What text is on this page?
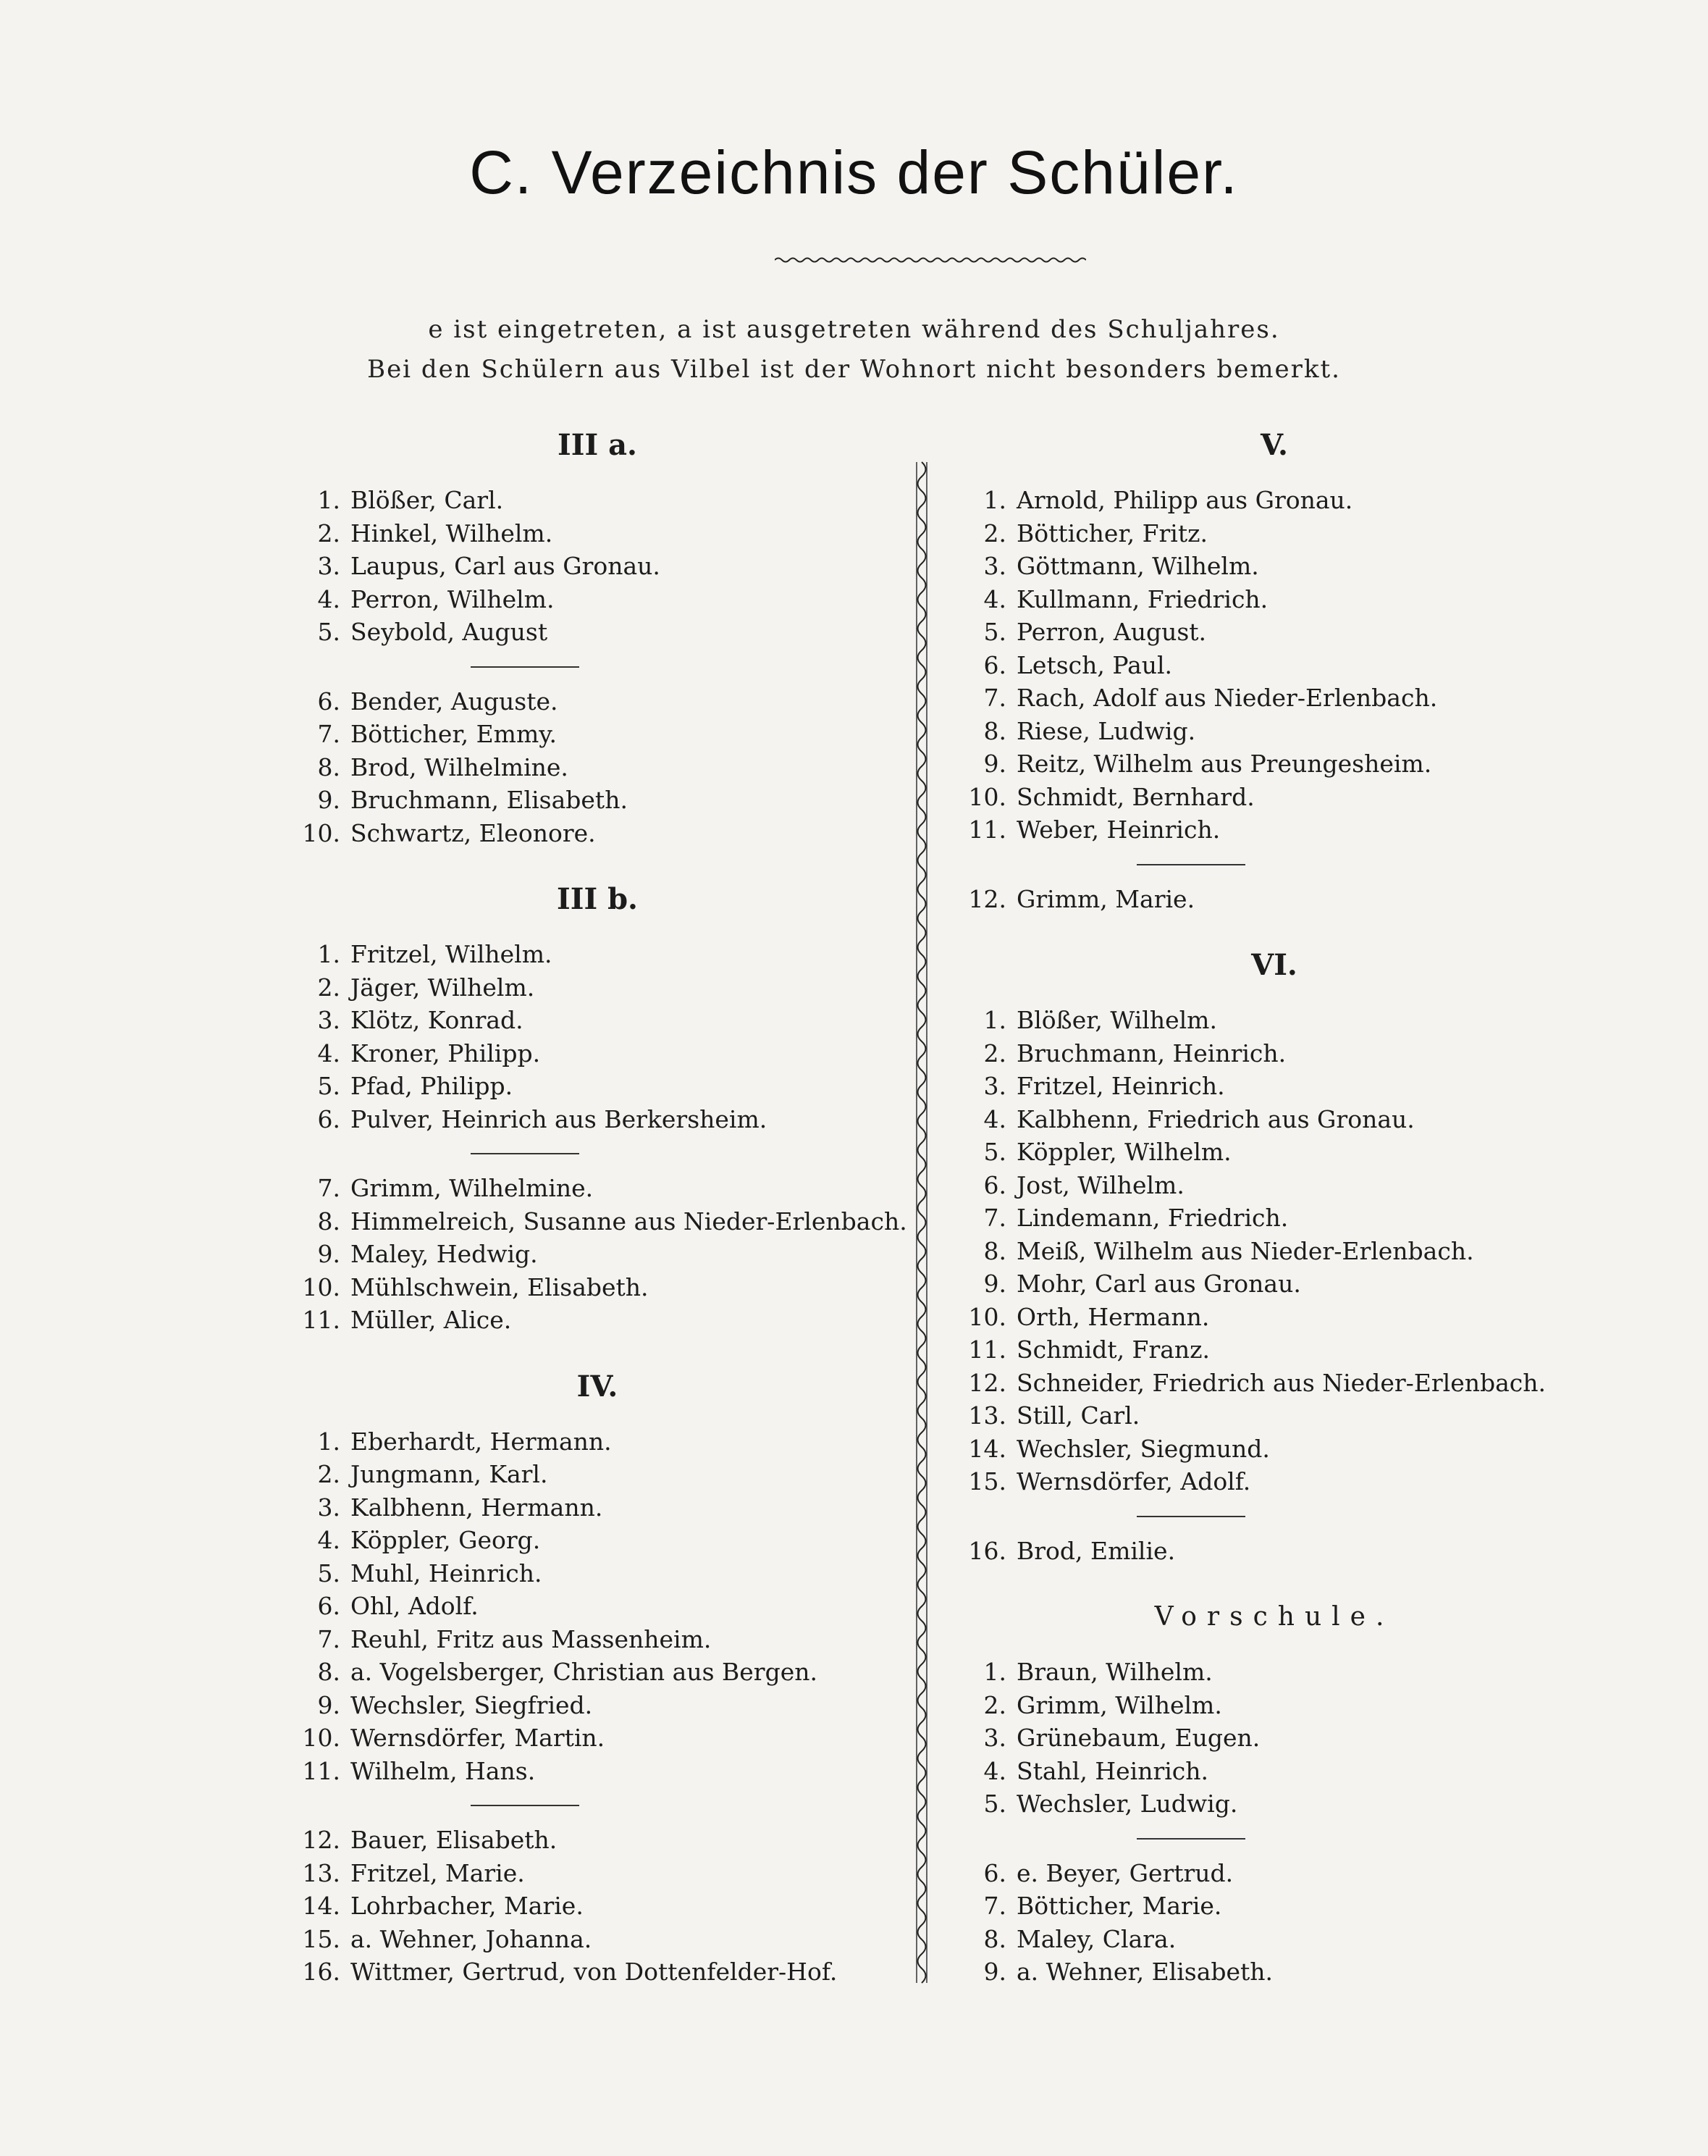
C. Verzeichnis der Schüler.
e ist eingetreten, a ist ausgetreten während des Schuljahres.
Bei den Schülern aus Vilbel ist der Wohnort nicht besonders bemerkt.
III a.
1. Blößer, Carl.
2. Hinkel, Wilhelm.
3. Laupus, Carl aus Gronau.
4. Perron, Wilhelm.
5. Seybold, August
6. Bender, Auguste.
7. Bötticher, Emmy.
8. Brod, Wilhelmine.
9. Bruchmann, Elisabeth.
10. Schwartz, Eleonore.
III b.
1. Fritzel, Wilhelm.
2. Jäger, Wilhelm.
3. Klötz, Konrad.
4. Kroner, Philipp.
5. Pfad, Philipp.
6. Pulver, Heinrich aus Berkersheim.
7. Grimm, Wilhelmine.
8. Himmelreich, Susanne aus Nieder-Erlenbach.
9. Maley, Hedwig.
10. Mühlschwein, Elisabeth.
11. Müller, Alice.
IV.
1. Eberhardt, Hermann.
2. Jungmann, Karl.
3. Kalbhenn, Hermann.
4. Köppler, Georg.
5. Muhl, Heinrich.
6. Ohl, Adolf.
7. Reuhl, Fritz aus Massenheim.
8. a. Vogelsberger, Christian aus Bergen.
9. Wechsler, Siegfried.
10. Wernsdörfer, Martin.
11. Wilhelm, Hans.
12. Bauer, Elisabeth.
13. Fritzel, Marie.
14. Lohrbacher, Marie.
15. a. Wehner, Johanna.
16. Wittmer, Gertrud, von Dottenfelder-Hof.
V.
1. Arnold, Philipp aus Gronau.
2. Bötticher, Fritz.
3. Göttmann, Wilhelm.
4. Kullmann, Friedrich.
5. Perron, August.
6. Letsch, Paul.
7. Rach, Adolf aus Nieder-Erlenbach.
8. Riese, Ludwig.
9. Reitz, Wilhelm aus Preungesheim.
10. Schmidt, Bernhard.
11. Weber, Heinrich.
12. Grimm, Marie.
VI.
1. Blößer, Wilhelm.
2. Bruchmann, Heinrich.
3. Fritzel, Heinrich.
4. Kalbhenn, Friedrich aus Gronau.
5. Köppler, Wilhelm.
6. Jost, Wilhelm.
7. Lindemann, Friedrich.
8. Meiß, Wilhelm aus Nieder-Erlenbach.
9. Mohr, Carl aus Gronau.
10. Orth, Hermann.
11. Schmidt, Franz.
12. Schneider, Friedrich aus Nieder-Erlenbach.
13. Still, Carl.
14. Wechsler, Siegmund.
15. Wernsdörfer, Adolf.
16. Brod, Emilie.
Vorschule.
1. Braun, Wilhelm.
2. Grimm, Wilhelm.
3. Grünebaum, Eugen.
4. Stahl, Heinrich.
5. Wechsler, Ludwig.
6. e. Beyer, Gertrud.
7. Bötticher, Marie.
8. Maley, Clara.
9. a. Wehner, Elisabeth.
